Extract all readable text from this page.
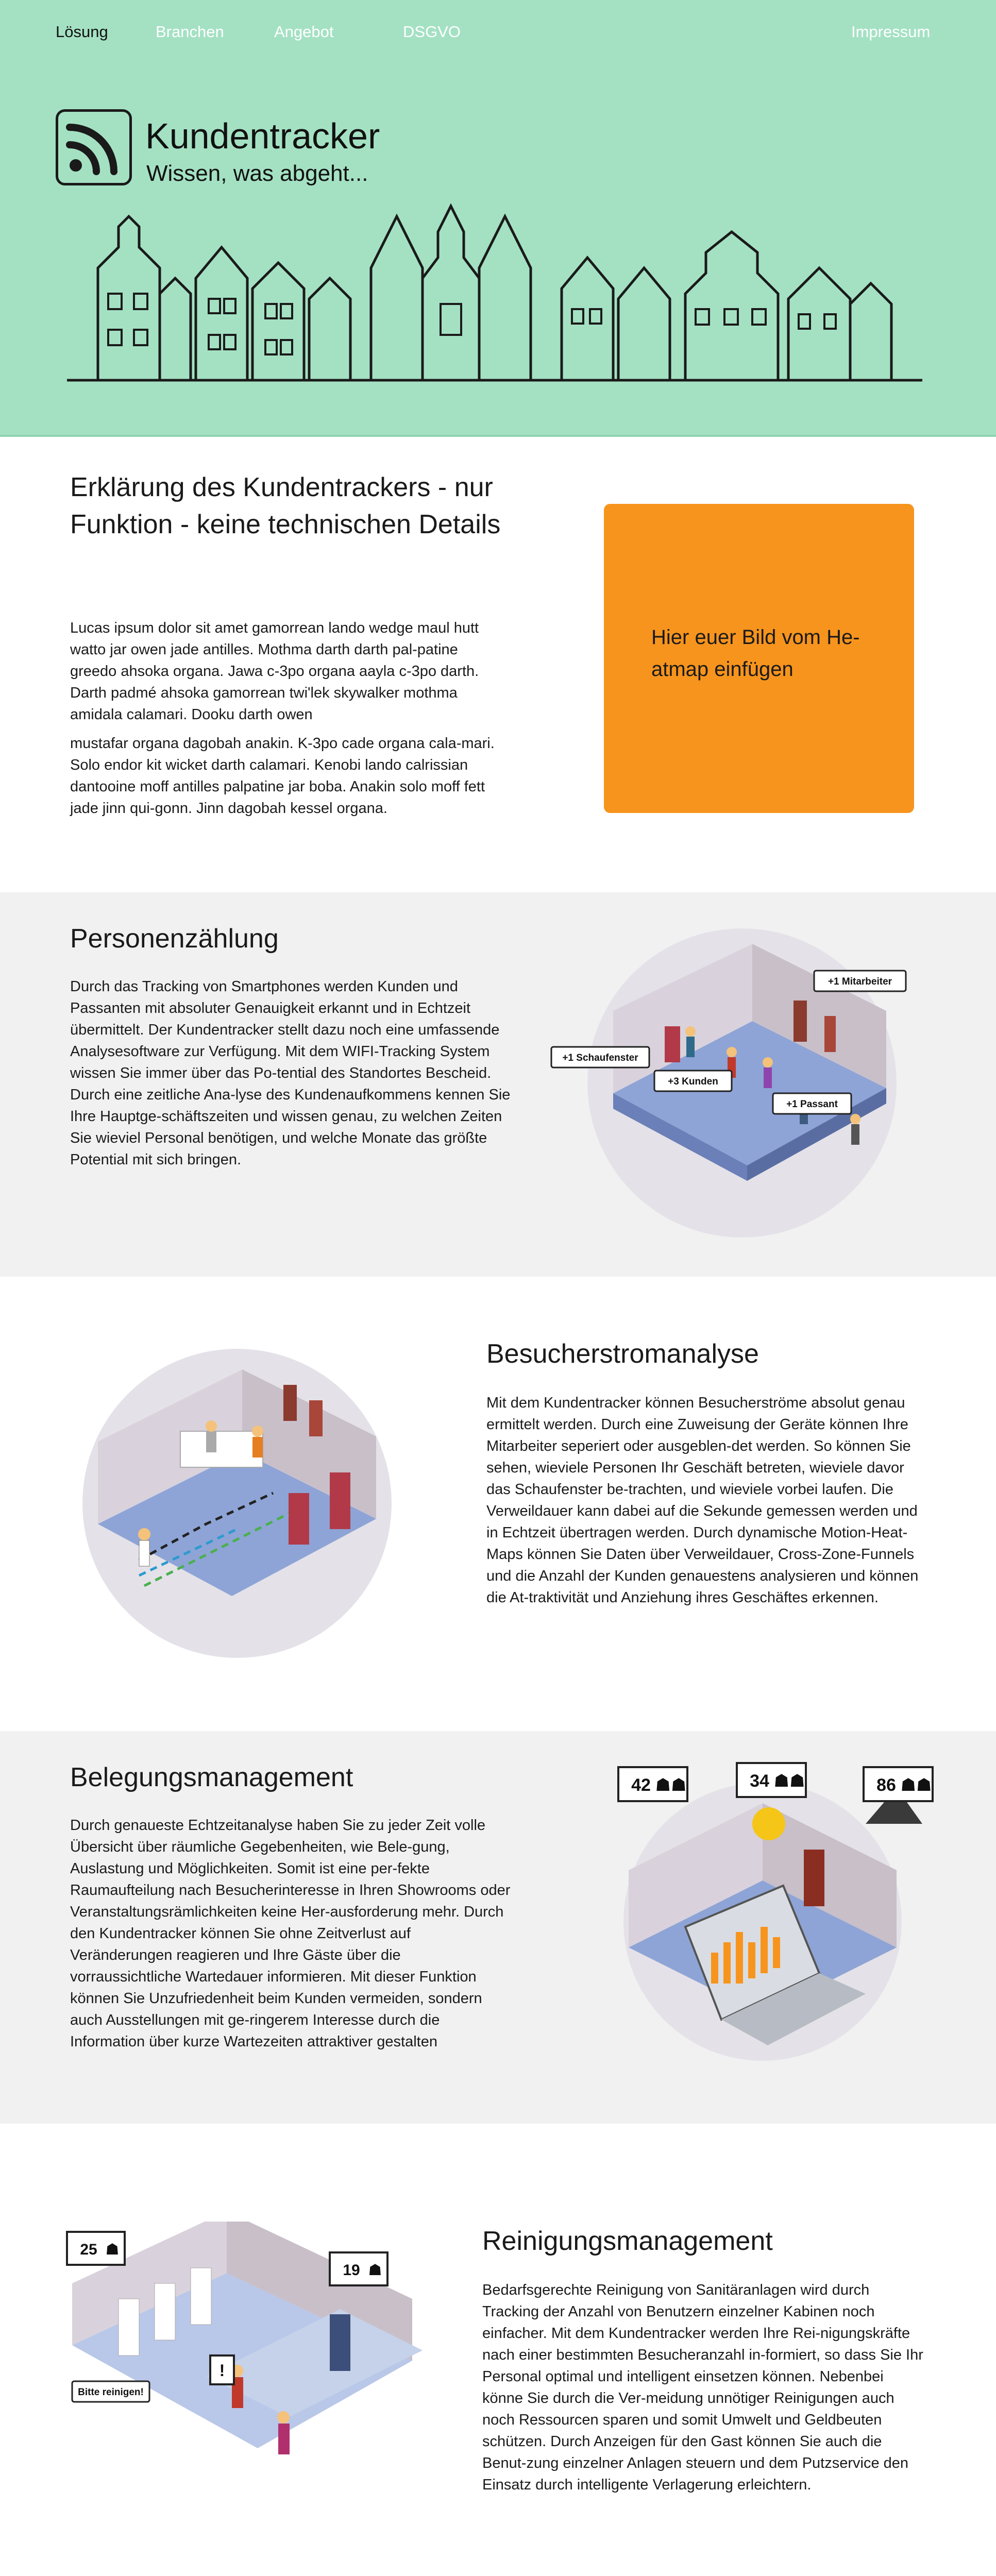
Lösung	Branchen	Angebot	DSGVO	Impressum
Kundentracker
Wissen, was abgeht...
Erklärung des Kundentrackers - nur Funktion - keine technischen Details

Lucas ipsum dolor sit amet gamorrean lando wedge maul hutt watto jar owen jade antilles. Mothma darth darth pal-patine greedo ahsoka organa. Jawa c-3po organa aayla c-3po darth. Darth padmé ahsoka gamorrean twi'lek skywalker mothma amidala calamari. Dooku darth owen

mustafar organa dagobah anakin. K-3po cade organa cala-mari. Solo endor kit wicket darth calamari. Kenobi lando calrissian dantooine moff antilles palpatine jar boba. Anakin solo moff fett jade jinn qui-gonn. Jinn dagobah kessel organa.

Hier euer Bild vom He-atmap einfügen
Personenzählung
Durch das Tracking von Smartphones werden Kunden und Passanten mit absoluter Genauigkeit erkannt und in Echtzeit übermittelt. Der Kundentracker stellt dazu noch eine umfassende Analysesoftware zur Verfügung. Mit dem WIFI-Tracking System wissen Sie immer über das Po-tential des Standortes Bescheid. Durch eine zeitliche Ana-lyse des Kundenaufkommens kennen Sie Ihre Hauptge-schäftszeiten und wissen genau, zu welchen Zeiten Sie wieviel Personal benötigen, und welche Monate das größte Potential mit sich bringen.
+1 Mitarbeiter
+1 Schaufenster
+3 Kunden
+1 Passant
Besucherstromanalyse
Mit dem Kundentracker können Besucherströme absolut genau ermittelt werden. Durch eine Zuweisung der Geräte können Ihre Mitarbeiter seperiert oder ausgeblen-det werden. So können Sie sehen, wieviele Personen Ihr Geschäft betreten, wieviele davor das Schaufenster be-trachten, und wieviele vorbei laufen. Die Verweildauer kann dabei auf die Sekunde gemessen werden und in Echtzeit übertragen werden. Durch dynamische Motion-Heat-Maps können Sie Daten über Verweildauer, Cross-Zone-Funnels und die Anzahl der Kunden genauestens analysieren und können die At-traktivität und Anziehung ihres Geschäftes erkennen.
Belegungsmanagement
Durch genaueste Echtzeitanalyse haben Sie zu jeder Zeit volle Übersicht über räumliche Gegebenheiten, wie Bele-gung, Auslastung und Möglichkeiten. Somit ist eine per-fekte Raumaufteilung nach Besucherinteresse in Ihren Showrooms oder Veranstaltungsrämlichkeiten keine Her-ausforderung mehr. Durch den Kundentracker können Sie ohne Zeitverlust auf Veränderungen reagieren und Ihre Gäste über die vorraussichtliche Wartedauer informieren. Mit dieser Funktion können Sie Unzufriedenheit beim Kunden vermeiden, sondern auch Ausstellungen mit ge-ringerem Interesse durch die Information über kurze Wartezeiten attraktiver gestalten
42 ☗☗	34 ☗☗	86 ☗☗
25 ☗
19 ☗
!
Bitte reinigen!
Reinigungsmanagement
Bedarfsgerechte Reinigung von Sanitäranlagen wird durch Tracking der Anzahl von Benutzern einzelner Kabinen noch einfacher. Mit dem Kundentracker werden Ihre Rei-nigungskräfte nach einer bestimmten Besucheranzahl in-formiert, so dass Sie Ihr Personal optimal und intelligent einsetzen können. Nebenbei könne Sie durch die Ver-meidung unnötiger Reinigungen auch noch Ressourcen sparen und somit Umwelt und Geldbeuten schützen. Durch Anzeigen für den Gast können Sie auch die Benut-zung einzelner Anlagen steuern und dem Putzservice den Einsatz durch intelligente Verlagerung erleichtern.
